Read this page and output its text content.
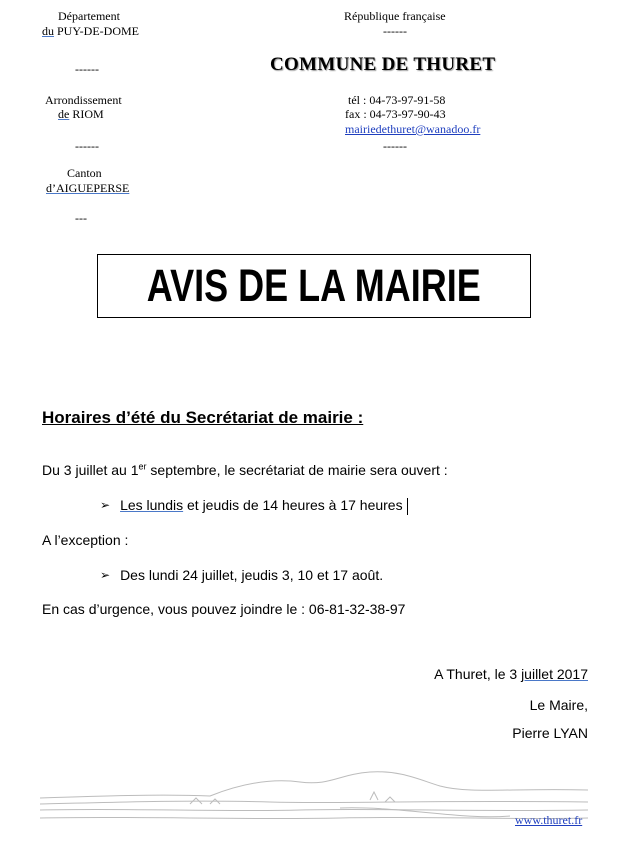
Département
du PUY-DE-DOME
------
Arrondissement
de RIOM
------
Canton
d’AIGUEPERSE
---
République française
------
COMMUNE DE THURET
tél : 04-73-97-91-58
fax : 04-73-97-90-43
mairiedethuret@wanadoo.fr
------
AVIS DE LA MAIRIE
Horaires d’été du Secrétariat de mairie :
Du 3 juillet au 1er septembre, le secrétariat de mairie sera ouvert :
➢ Les lundis et jeudis de 14 heures à 17 heures
A l’exception :
➢ Des lundi 24 juillet, jeudis 3, 10 et 17 août.
En cas d’urgence, vous pouvez joindre le : 06-81-32-38-97
A Thuret, le 3 juillet 2017
Le Maire,
Pierre LYAN
www.thuret.fr
